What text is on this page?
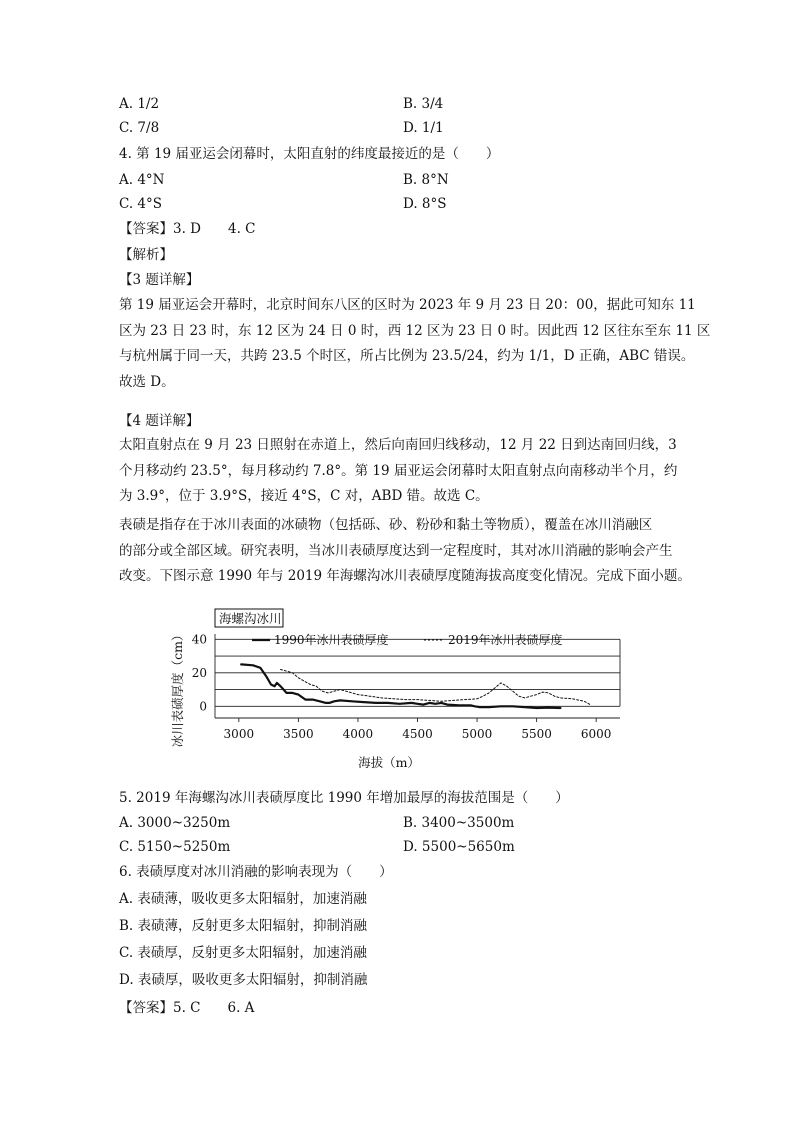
A. 1/2	B. 3/4
C. 7/8	D. 1/1
4. 第 19 届亚运会闭幕时，太阳直射的纬度最接近的是（　　）
A. 4°N	B. 8°N
C. 4°S	D. 8°S
【答案】3. D　　4. C
【解析】
【3 题详解】
第 19 届亚运会开幕时，北京时间东八区的区时为 2023 年 9 月 23 日 20：00，据此可知东 11
区为 23 日 23 时，东 12 区为 24 日 0 时，西 12 区为 23 日 0 时。因此西 12 区往东至东 11 区
与杭州属于同一天，共跨 23.5 个时区，所占比例为 23.5/24，约为 1/1，D 正确，ABC 错误。
故选 D。
【4 题详解】
太阳直射点在 9 月 23 日照射在赤道上，然后向南回归线移动，12 月 22 日到达南回归线，3
个月移动约 23.5°，每月移动约 7.8°。第 19 届亚运会闭幕时太阳直射点向南移动半个月，约
为 3.9°，位于 3.9°S，接近 4°S，C 对，ABD 错。故选 C。
表碛是指存在于冰川表面的冰碛物（包括砾、砂、粉砂和黏土等物质），覆盖在冰川消融区
的部分或全部区域。研究表明，当冰川表碛厚度达到一定程度时，其对冰川消融的影响会产生
改变。下图示意 1990 年与 2019 年海螺沟冰川表碛厚度随海拔高度变化情况。完成下面小题。
海螺沟冰川
0
20
40
3000 3500 4000 4500 5000 5500 6000
1990年冰川表碛厚度	2019年冰川表碛厚度
冰川表碛厚度（cm）
海拔（m）
5. 2019 年海螺沟冰川表碛厚度比 1990 年增加最厚的海拔范围是（　　）
A. 3000~3250m	B. 3400~3500m
C. 5150~5250m	D. 5500~5650m
6. 表碛厚度对冰川消融的影响表现为（　　）
A. 表碛薄，吸收更多太阳辐射，加速消融
B. 表碛薄，反射更多太阳辐射，抑制消融
C. 表碛厚，反射更多太阳辐射，加速消融
D. 表碛厚，吸收更多太阳辐射，抑制消融
【答案】5. C　　6. A
